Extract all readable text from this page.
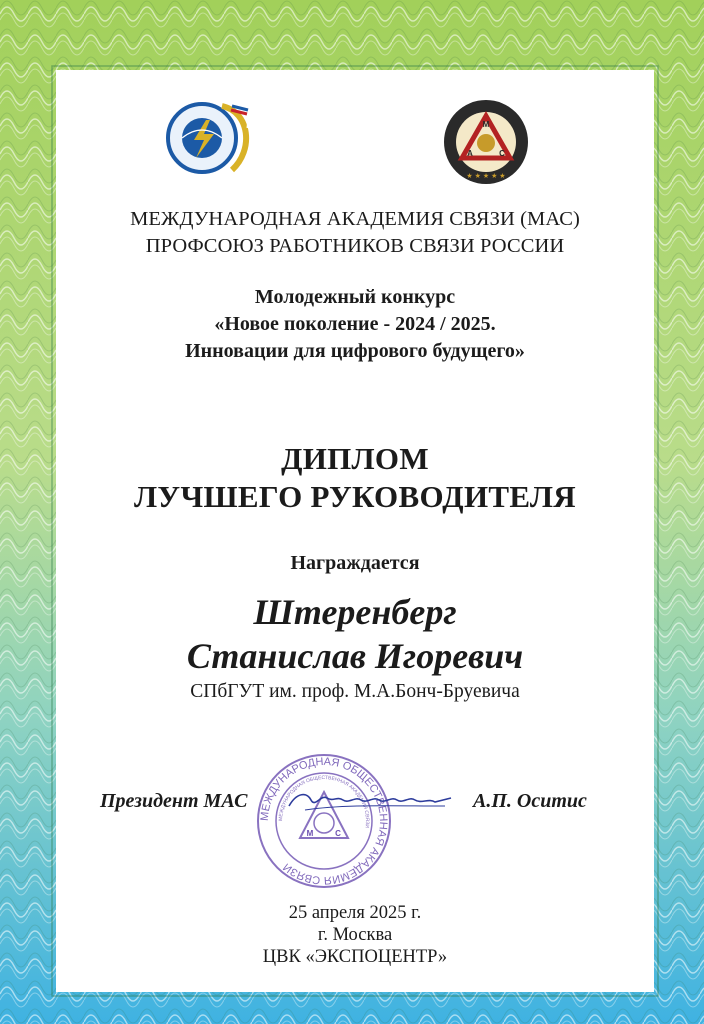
М
А	С
★ ★ ★ ★ ★
МЕЖДУНАРОДНАЯ АКАДЕМИЯ СВЯЗИ (МАС)
ПРОФСОЮЗ РАБОТНИКОВ СВЯЗИ РОССИИ
Молодежный конкурс
«Новое поколение - 2024 / 2025.
Инновации для цифрового будущего»
ДИПЛОМ
ЛУЧШЕГО РУКОВОДИТЕЛЯ
Награждается
Штеренберг
Станислав Игоревич
СПбГУТ им. проф. М.А.Бонч-Бруевича
МЕЖДУНАРОДНАЯ ОБЩЕСТВЕННАЯ АКАДЕМИЯ СВЯЗИ
МЕЖДУНАРОДНАЯ ОБЩЕСТВЕННАЯ АКАДЕМИЯ СВЯЗИ
М	С
Президент МАС	А.П. Оситис
25 апреля 2025 г.
г. Москва
ЦВК «ЭКСПОЦЕНТР»
